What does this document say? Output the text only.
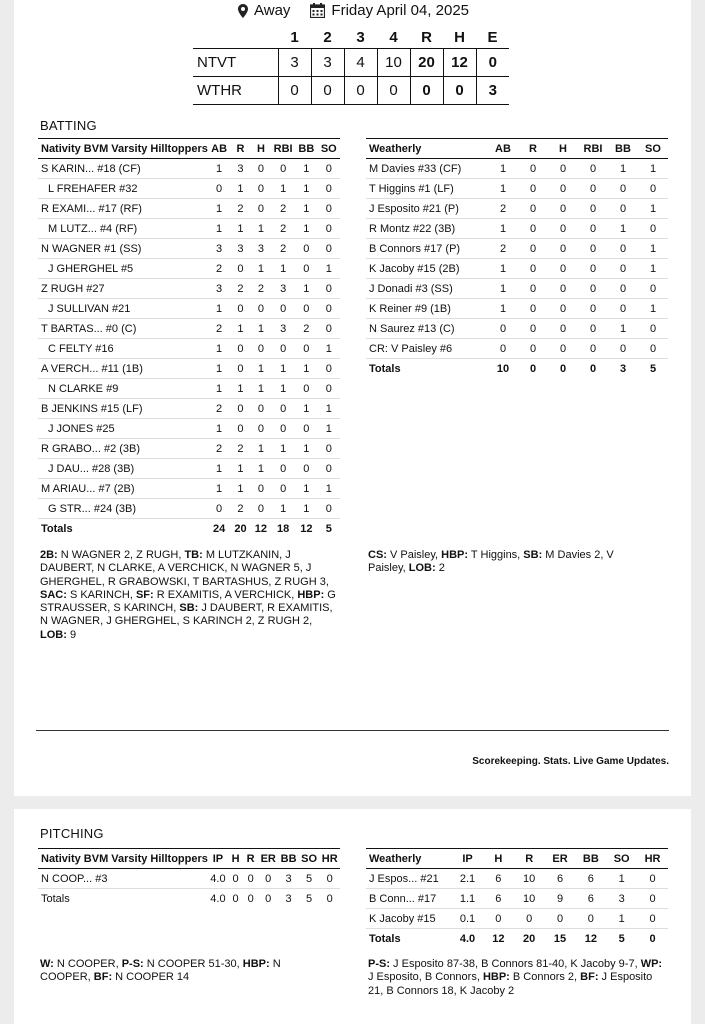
Away	Friday April 04, 2025
	1	2	3	4	R	H	E
NTVT	3	3	4	10	20	12	0
WTHR	0	0	0	0	0	0	3
BATTING
Nativity BVM Varsity Hilltoppers	AB	R	H	RBI	BB	SO
S KARIN... #18 (CF)	1	3	0	0	1	0
L FREHAFER #32	0	1	0	1	1	0
R EXAMI... #17 (RF)	1	2	0	2	1	0
M LUTZ... #4 (RF)	1	1	1	2	1	0
N WAGNER #1 (SS)	3	3	3	2	0	0
J GHERGHEL #5	2	0	1	1	0	1
Z RUGH #27	3	2	2	3	1	0
J SULLIVAN #21	1	0	0	0	0	0
T BARTAS... #0 (C)	2	1	1	3	2	0
C FELTY #16	1	0	0	0	0	1
A VERCH... #11 (1B)	1	0	1	1	1	0
N CLARKE #9	1	1	1	1	0	0
B JENKINS #15 (LF)	2	0	0	0	1	1
J JONES #25	1	0	0	0	0	1
R GRABO... #2 (3B)	2	2	1	1	1	0
J DAU... #28 (3B)	1	1	1	0	0	0
M ARIAU... #7 (2B)	1	1	0	0	1	1
G STR... #24 (3B)	0	2	0	1	1	0
Totals	24	20	12	18	12	5
Weatherly	AB	R	H	RBI	BB	SO
M Davies #33 (CF)	1	0	0	0	1	1
T Higgins #1 (LF)	1	0	0	0	0	0
J Esposito #21 (P)	2	0	0	0	0	1
R Montz #22 (3B)	1	0	0	0	1	0
B Connors #17 (P)	2	0	0	0	0	1
K Jacoby #15 (2B)	1	0	0	0	0	1
J Donadi #3 (SS)	1	0	0	0	0	0
K Reiner #9 (1B)	1	0	0	0	0	1
N Saurez #13 (C)	0	0	0	0	1	0
CR: V Paisley #6	0	0	0	0	0	0
Totals	10	0	0	0	3	5
2B: N WAGNER 2, Z RUGH, TB: M LUTZKANIN, J DAUBERT, N CLARKE, A VERCHICK, N WAGNER 5, J GHERGHEL, R GRABOWSKI, T BARTASHUS, Z RUGH 3, SAC: S KARINCH, SF: R EXAMITIS, A VERCHICK, HBP: G STRAUSSER, S KARINCH, SB: J DAUBERT, R EXAMITIS, N WAGNER, J GHERGHEL, S KARINCH 2, Z RUGH 2, LOB: 9
CS: V Paisley, HBP: T Higgins, SB: M Davies 2, V Paisley, LOB: 2
Scorekeeping. Stats. Live Game Updates.
PITCHING
Nativity BVM Varsity Hilltoppers	IP	H	R	ER	BB	SO	HR
N COOP... #3	4.0	0	0	0	3	5	0
Totals	4.0	0	0	0	3	5	0
Weatherly	IP	H	R	ER	BB	SO	HR
J Espos... #21	2.1	6	10	6	6	1	0
B Conn... #17	1.1	6	10	9	6	3	0
K Jacoby #15	0.1	0	0	0	0	1	0
Totals	4.0	12	20	15	12	5	0
W: N COOPER, P-S: N COOPER 51-30, HBP: N COOPER, BF: N COOPER 14
P-S: J Esposito 87-38, B Connors 81-40, K Jacoby 9-7, WP: J Esposito, B Connors, HBP: B Connors 2, BF: J Esposito 21, B Connors 18, K Jacoby 2
